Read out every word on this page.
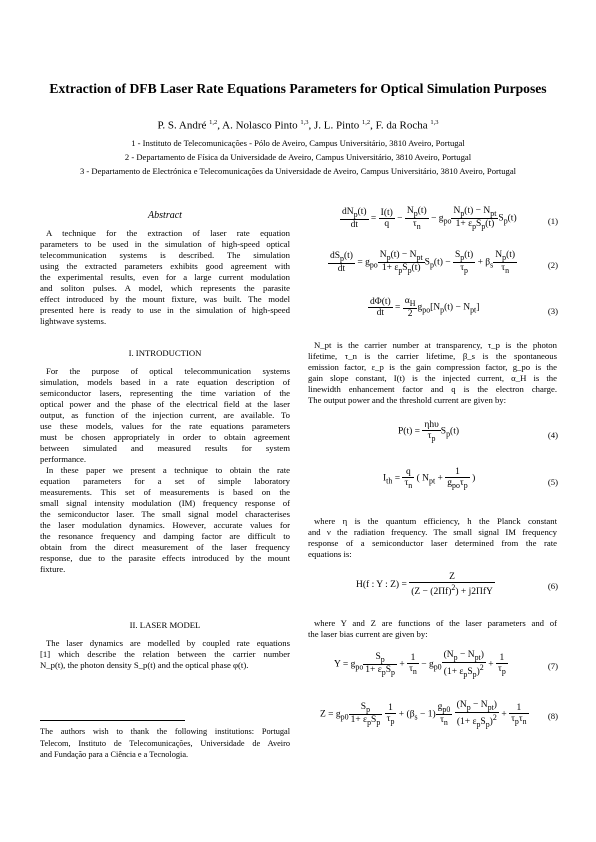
Extraction of DFB Laser Rate Equations Parameters for Optical Simulation Purposes
P. S. André $^{1,2}$, A. Nolasco Pinto $^{1,3}$, J. L. Pinto $^{1,2}$, F. da Rocha $^{1,3}$
1 - Instituto de Telecomunicações - Pólo de Aveiro, Campus Universitário, 3810 Aveiro, Portugal
2 - Departamento de Física da Universidade de Aveiro, Campus Universitário, 3810 Aveiro, Portugal
3 - Departamento de Electrónica e Telecomunicações da Universidade de Aveiro, Campus Universitário, 3810 Aveiro, Portugal
Abstract
A technique for the extraction of laser rate equation
parameters to be used in the simulation of high-speed optical
telecommunication systems is described. The simulation
using the extracted parameters exhibits good agreement with
the experimental results, even for a large current modulation
and soliton pulses. A model, which represents the parasite
effect introduced by the mount fixture, was built. The model
presented here is ready to use in the simulation of high-speed
lightwave systems.
I. INTRODUCTION
For the purpose of optical telecommunication systems
simulation, models based in a rate equation description of
semiconductor lasers, representing the time variation of the
optical power and the phase of the electrical field at the laser
output, as function of the injection current, are available. To
use these models, values for the rate equations parameters
must be chosen appropriately in order to obtain agreement
between simulated and measured results for system
performance.
In these paper we present a technique to obtain the rate
equation parameters for a set of simple laboratory
measurements. This set of measurements is based on the
small signal intensity modulation (IM) frequency response of
the semiconductor laser. The small signal model characterises
the laser modulation dynamics. However, accurate values for
the resonance frequency and damping factor are difficult to
obtain from the direct measurement of the laser frequency
response, due to the parasite effects introduced by the mount
fixture.
II. LASER MODEL
The laser dynamics are modelled by coupled rate equations
[1] which describe the relation between the carrier number
N_p(t), the photon density S_p(t) and the optical phase φ(t).
The authors wish to thank the following institutions: Portugal
Telecom, Instituto de Telecomunicações, Universidade de Aveiro
and Fundação para a Ciência e a Tecnologia.
$\frac{dN_p(t)}{dt} = \frac{I(t)}{q} - \frac{N_p(t)}{\tau_n} - g_{po} \frac{N_p(t) - N_{pt}}{1+ \varepsilon_pS_p(t)} S_p(t)$	(1)
$\frac{dS_p(t)}{dt} = g_{po} \frac{N_p(t) - N_{pt}}{1+ \varepsilon_pS_p(t)} S_p(t) - \frac{S_p(t)}{\tau_p} + \beta_s \frac{N_p(t)}{\tau_n}$	(2)
$\frac{d\Phi(t)}{dt} = \frac{\alpha_H}{2} g_{po}[N_p(t) - N_{pt}]$	(3)
N_pt is the carrier number at transparency, τ_p is the photon
lifetime, τ_n is the carrier lifetime, β_s is the spontaneous
emission factor, ε_p is the gain compression factor, g_po is the
gain slope constant, I(t) is the injected current, α_H is the
linewidth enhancement factor and q is the electron charge.
The output power and the threshold current are given by:
$P(t) = \frac{\text{ηhυ}}{\tau_p} S_p(t)$	(4)
$I_{th} = \frac{q}{\tau_n}$ ( $N_{pt} + \frac{1}{g_{po}\tau_p}$ )	(5)
where η is the quantum efficiency, h the Planck constant
and ν the radiation frequency. The small signal IM frequency
response of a semiconductor laser determined from the rate
equations is:
H(f : Y : $Z) = \frac{Z}{(Z - (2\Pi f)^2) + j2\Pi fY}$	(6)
where Y and Z are functions of the laser parameters and of
the laser bias current are given by:
$Y = g_{po} \frac{S_p}{1+ \varepsilon_pS_p} + \frac{1}{\tau_n} - g_{p0} \frac{(N_p - N_{pt})}{(1+ \varepsilon_pS_p)^2} + \frac{1}{\tau_p}$	(7)
$Z = g_{p0} \frac{S_p}{1+ \varepsilon_pS_p}$
$\frac{1}{\tau_p} + (\beta_s - 1) \frac{g_{p0}}{\tau_n}$
$\frac{(N_p - N_{pt})}{(1+ \varepsilon_pS_p)^2} + \frac{1}{\tau_p\tau_n} (8)$
